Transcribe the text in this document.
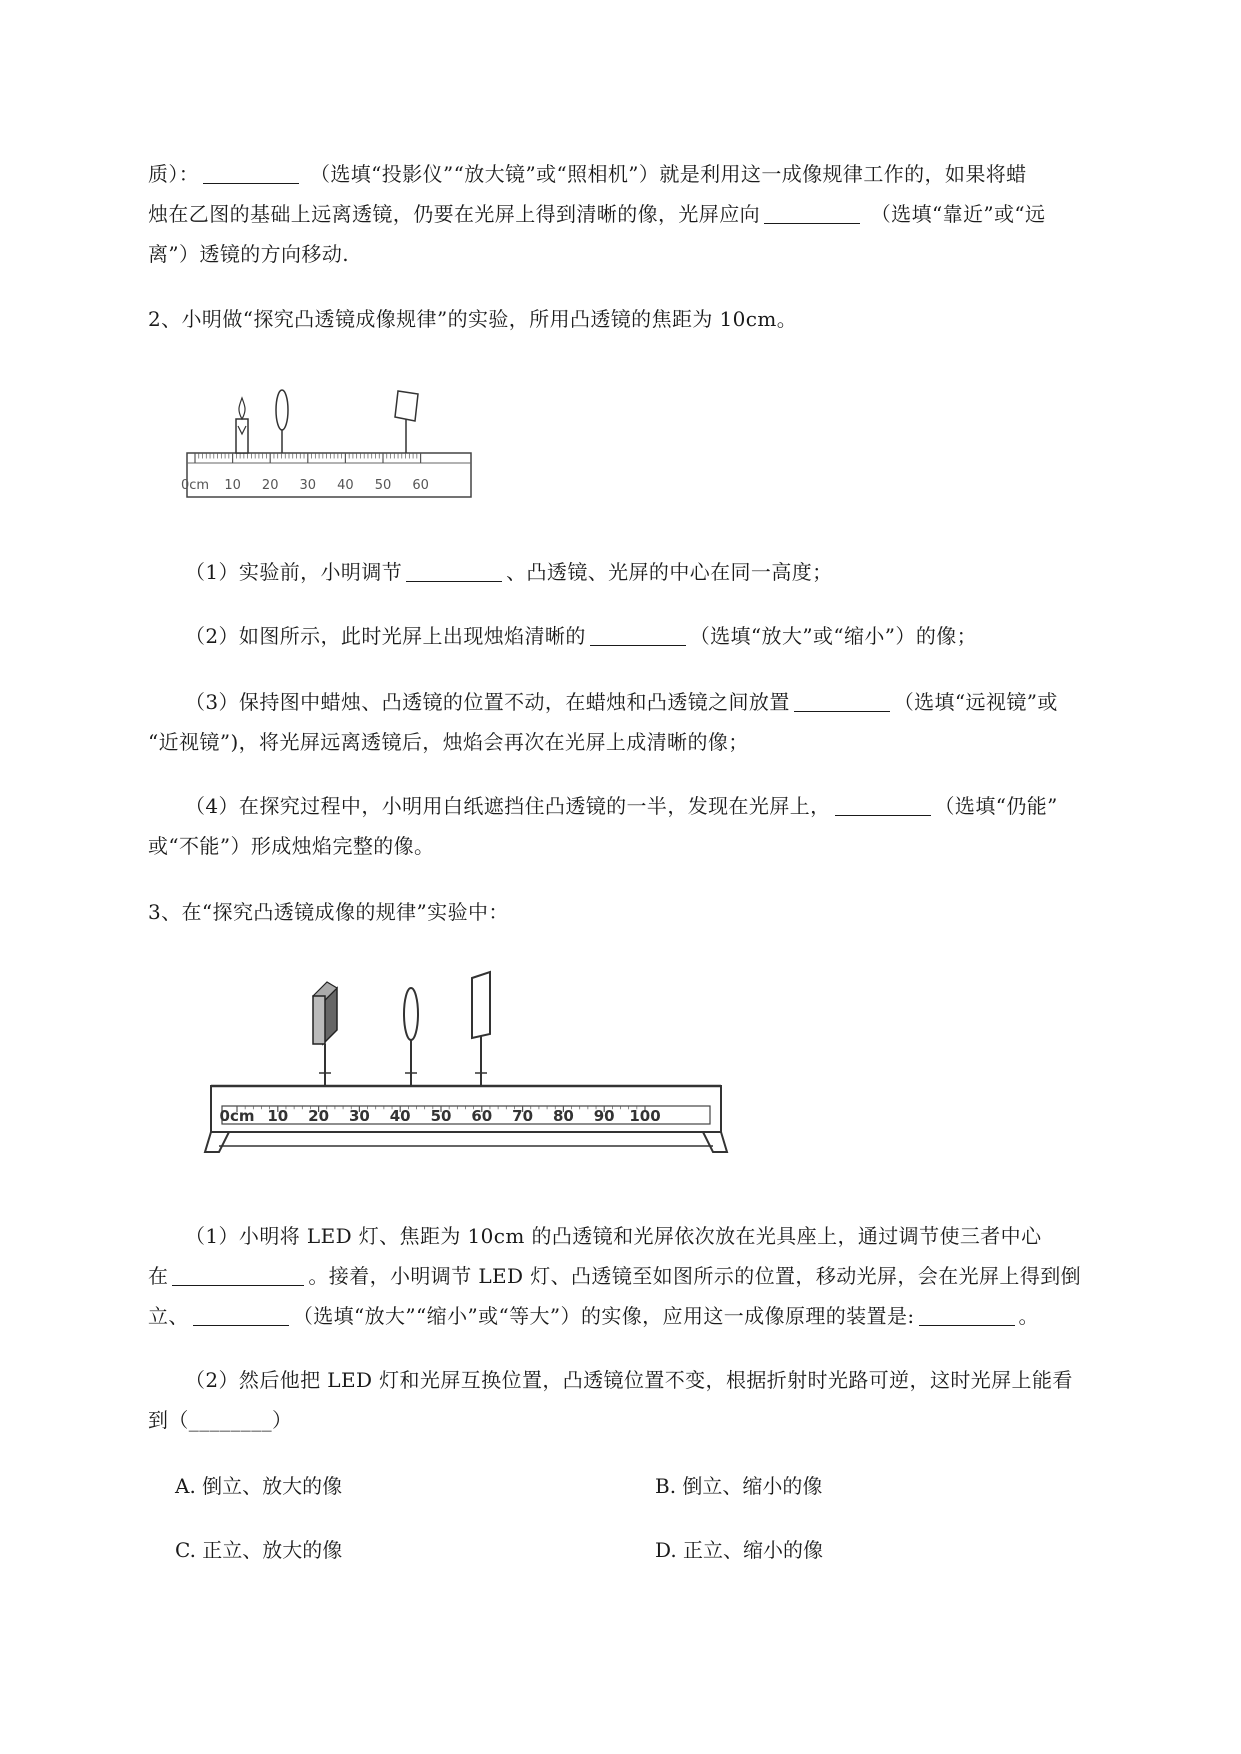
质）：	（选填“投影仪”“放大镜”或“照相机”）就是利用这一成像规律工作的，如果将蜡
烛在乙图的基础上远离透镜，仍要在光屏上得到清晰的像，光屏应向	（选填“靠近”或“远
离”）透镜的方向移动.
2、小明做“探究凸透镜成像规律”的实验，所用凸透镜的焦距为 10cm。
0cm 10 20 30 40 50 60
（1）实验前，小明调节	、凸透镜、光屏的中心在同一高度；
（2）如图所示，此时光屏上出现烛焰清晰的	（选填“放大”或“缩小”）的像；
（3）保持图中蜡烛、凸透镜的位置不动，在蜡烛和凸透镜之间放置	（选填“远视镜”或
“近视镜”)，将光屏远离透镜后，烛焰会再次在光屏上成清晰的像；
（4）在探究过程中，小明用白纸遮挡住凸透镜的一半，发现在光屏上，	（选填“仍能”
或“不能”）形成烛焰完整的像。
3、在“探究凸透镜成像的规律”实验中：
0cm 10 20 30 40 50 60 70 80 90 100
（1）小明将 LED 灯、焦距为 10cm 的凸透镜和光屏依次放在光具座上，通过调节使三者中心
在	。接着，小明调节 LED 灯、凸透镜至如图所示的位置，移动光屏，会在光屏上得到倒
立、	（选填“放大”“缩小”或“等大”）的实像，应用这一成像原理的装置是:	。
（2）然后他把 LED 灯和光屏互换位置，凸透镜位置不变，根据折射时光路可逆，这时光屏上能看
到（________）
A. 倒立、放大的像	B. 倒立、缩小的像
C. 正立、放大的像	D. 正立、缩小的像
